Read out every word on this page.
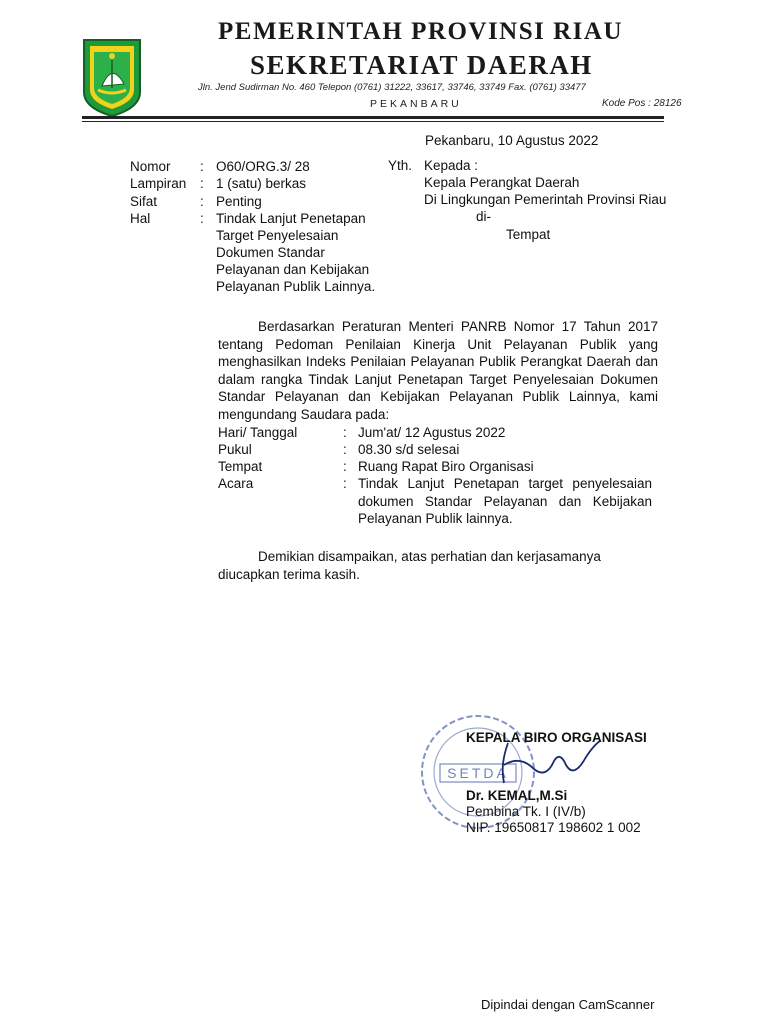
PEMERINTAH PROVINSI RIAU
SEKRETARIAT DAERAH
Jln. Jend Sudirman No. 460 Telepon (0761) 31222, 33617, 33746, 33749 Fax. (0761) 33477
PEKANBARU	Kode Pos : 28126
Pekanbaru, 10 Agustus 2022
Nomor	: O60/ORG.3/ 28
Lampiran	: 1 (satu) berkas
Sifat	: Penting
Hal	: Tindak Lanjut Penetapan
Target Penyelesaian
Dokumen Standar
Pelayanan dan Kebijakan
Pelayanan Publik Lainnya.
Yth. Kepada :
Kepala Perangkat Daerah
Di Lingkungan Pemerintah Provinsi Riau
di-
Tempat
Berdasarkan Peraturan Menteri PANRB Nomor 17 Tahun 2017 tentang Pedoman Penilaian Kinerja Unit Pelayanan Publik yang menghasilkan Indeks Penilaian Pelayanan Publik Perangkat Daerah dan dalam rangka Tindak Lanjut Penetapan Target Penyelesaian Dokumen Standar Pelayanan dan Kebijakan Pelayanan Publik Lainnya, kami mengundang Saudara pada:
Hari/ Tanggal	: Jum'at/ 12 Agustus 2022
Pukul	: 08.30 s/d selesai
Tempat	: Ruang Rapat Biro Organisasi
Acara	: Tindak Lanjut Penetapan target penyelesaian dokumen Standar Pelayanan dan Kebijakan Pelayanan Publik lainnya.
Demikian disampaikan, atas perhatian dan kerjasamanya diucapkan terima kasih.
SETDA
KEPALA BIRO ORGANISASI
Dr. KEMAL,M.Si
Pembina Tk. I (IV/b)
NIP. 19650817 198602 1 002
Dipindai dengan CamScanner
